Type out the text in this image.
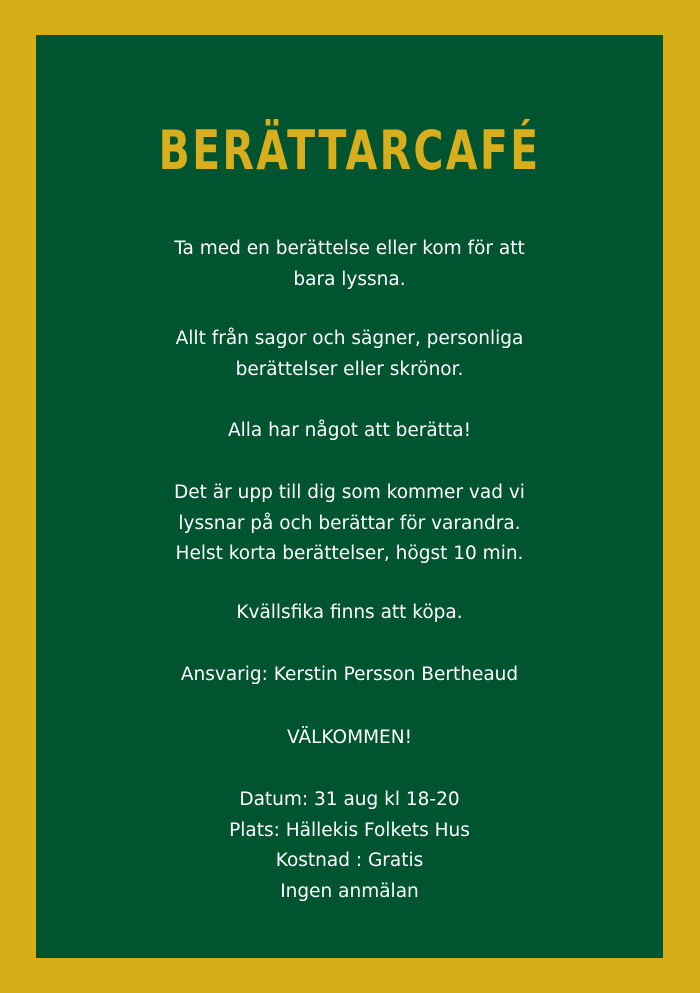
BERÄTTARCAFÉ

Ta med en berättelse eller kom för att

bara lyssna.

Allt från sagor och sägner, personliga

berättelser eller skrönor.

Alla har något att berätta!

Det är upp till dig som kommer vad vi

lyssnar på och berättar för varandra.

Helst korta berättelser, högst 10 min.

Kvällsfika finns att köpa.

Ansvarig: Kerstin Persson Bertheaud

VÄLKOMMEN!

Datum: 31 aug kl 18-20

Plats: Hällekis Folkets Hus

Kostnad : Gratis

Ingen anmälan
